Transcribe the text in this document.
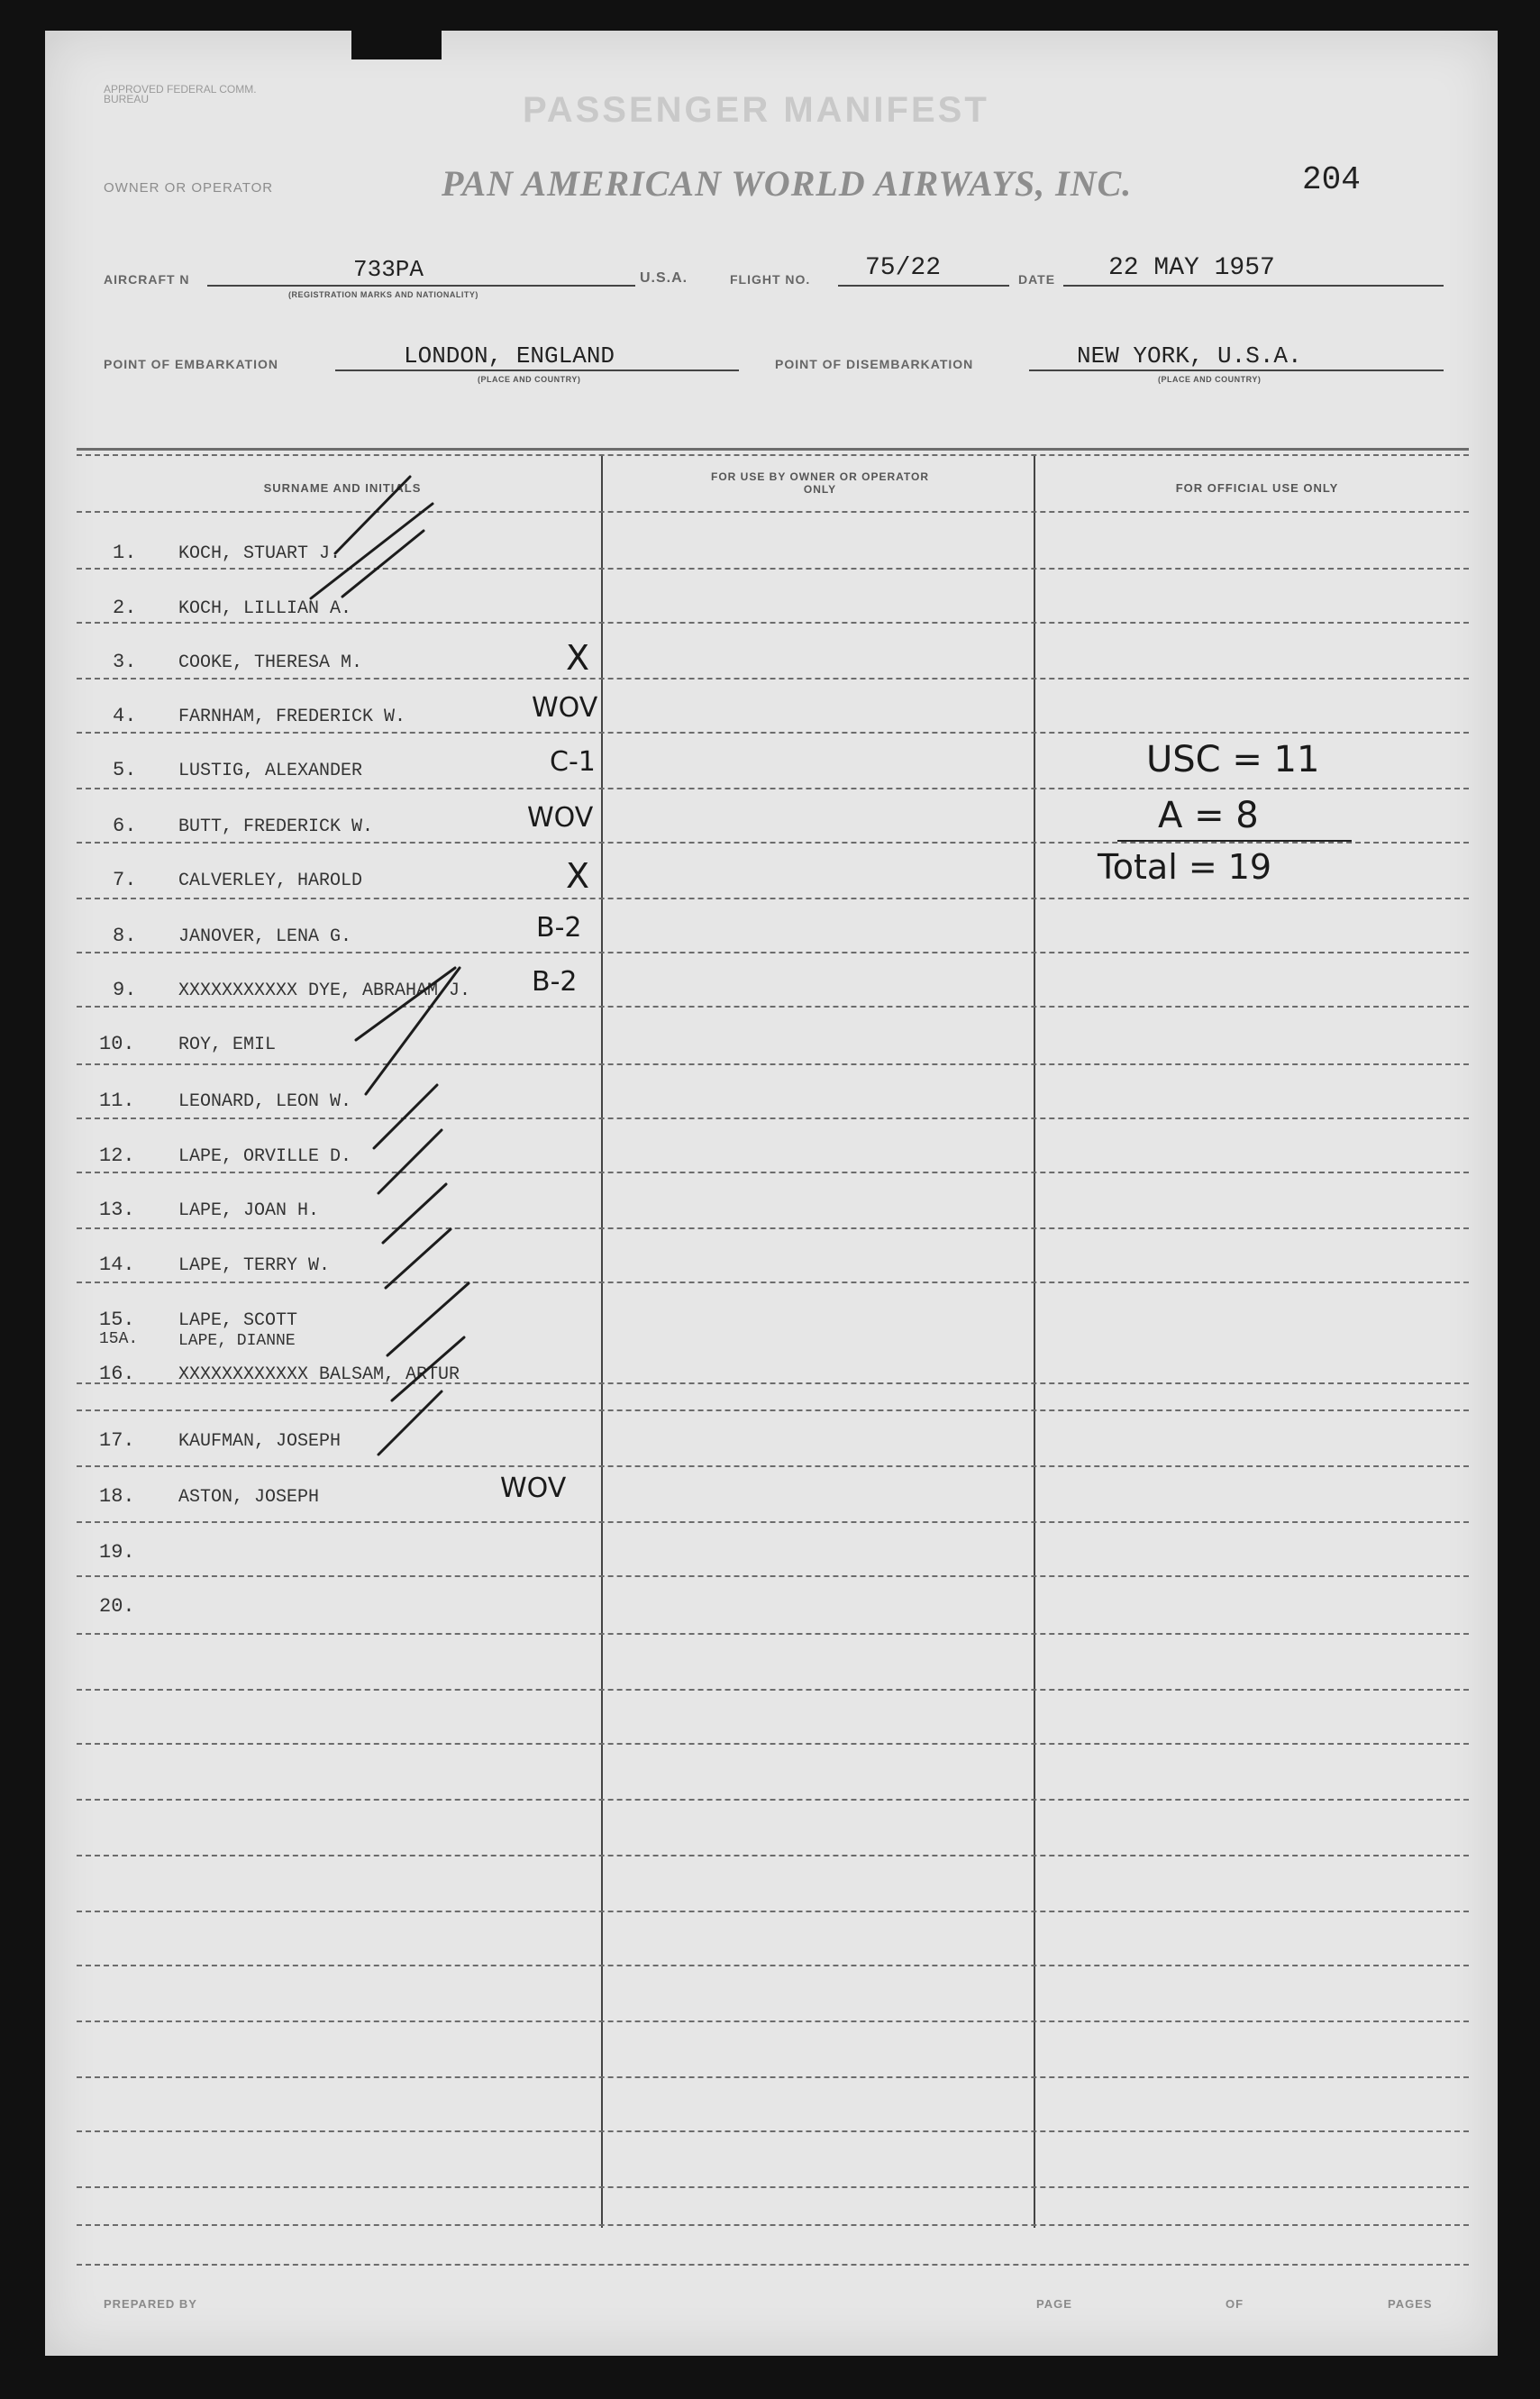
APPROVED FEDERAL COMM. BUREAU	PASSENGER MANIFEST
OWNER OR OPERATOR	PAN AMERICAN WORLD AIRWAYS, INC.	204
AIRCRAFT N	733PA
(REGISTRATION MARKS AND NATIONALITY)
U.S.A.	FLIGHT NO. 75/22	DATE 22 MAY 1957
POINT OF EMBARKATION	LONDON, ENGLAND
(PLACE AND COUNTRY)
POINT OF DISEMBARKATION	NEW YORK, U.S.A.
(PLACE AND COUNTRY)
SURNAME AND INITIALS
FOR USE BY OWNER OR OPERATOR ONLY	FOR OFFICIAL USE ONLY
1. KOCH, STUART J.
2. KOCH, LILLIAN A.
3. COOKE, THERESA M.	X
4. FARNHAM, FREDERICK W.	WOV
5. LUSTIG, ALEXANDER	C-1
6. BUTT, FREDERICK W.	WOV
7. CALVERLEY, HAROLD	X
8. JANOVER, LENA G.	B-2
9. XXXXXXXXXXX DYE, ABRAHAM J. B-2
10. ROY, EMIL
11. LEONARD, LEON W.
12. LAPE, ORVILLE D.
13. LAPE, JOAN H.
14. LAPE, TERRY W.
15. LAPE, SCOTT
15A. LAPE, DIANNE
16. XXXXXXXXXXXX BALSAM, ARTUR
17. KAUFMAN, JOSEPH
18. ASTON, JOSEPH	WOV
19.
20.
USC = 11
A = 8
Total = 19
PREPARED BY	PAGE	OF	PAGES
